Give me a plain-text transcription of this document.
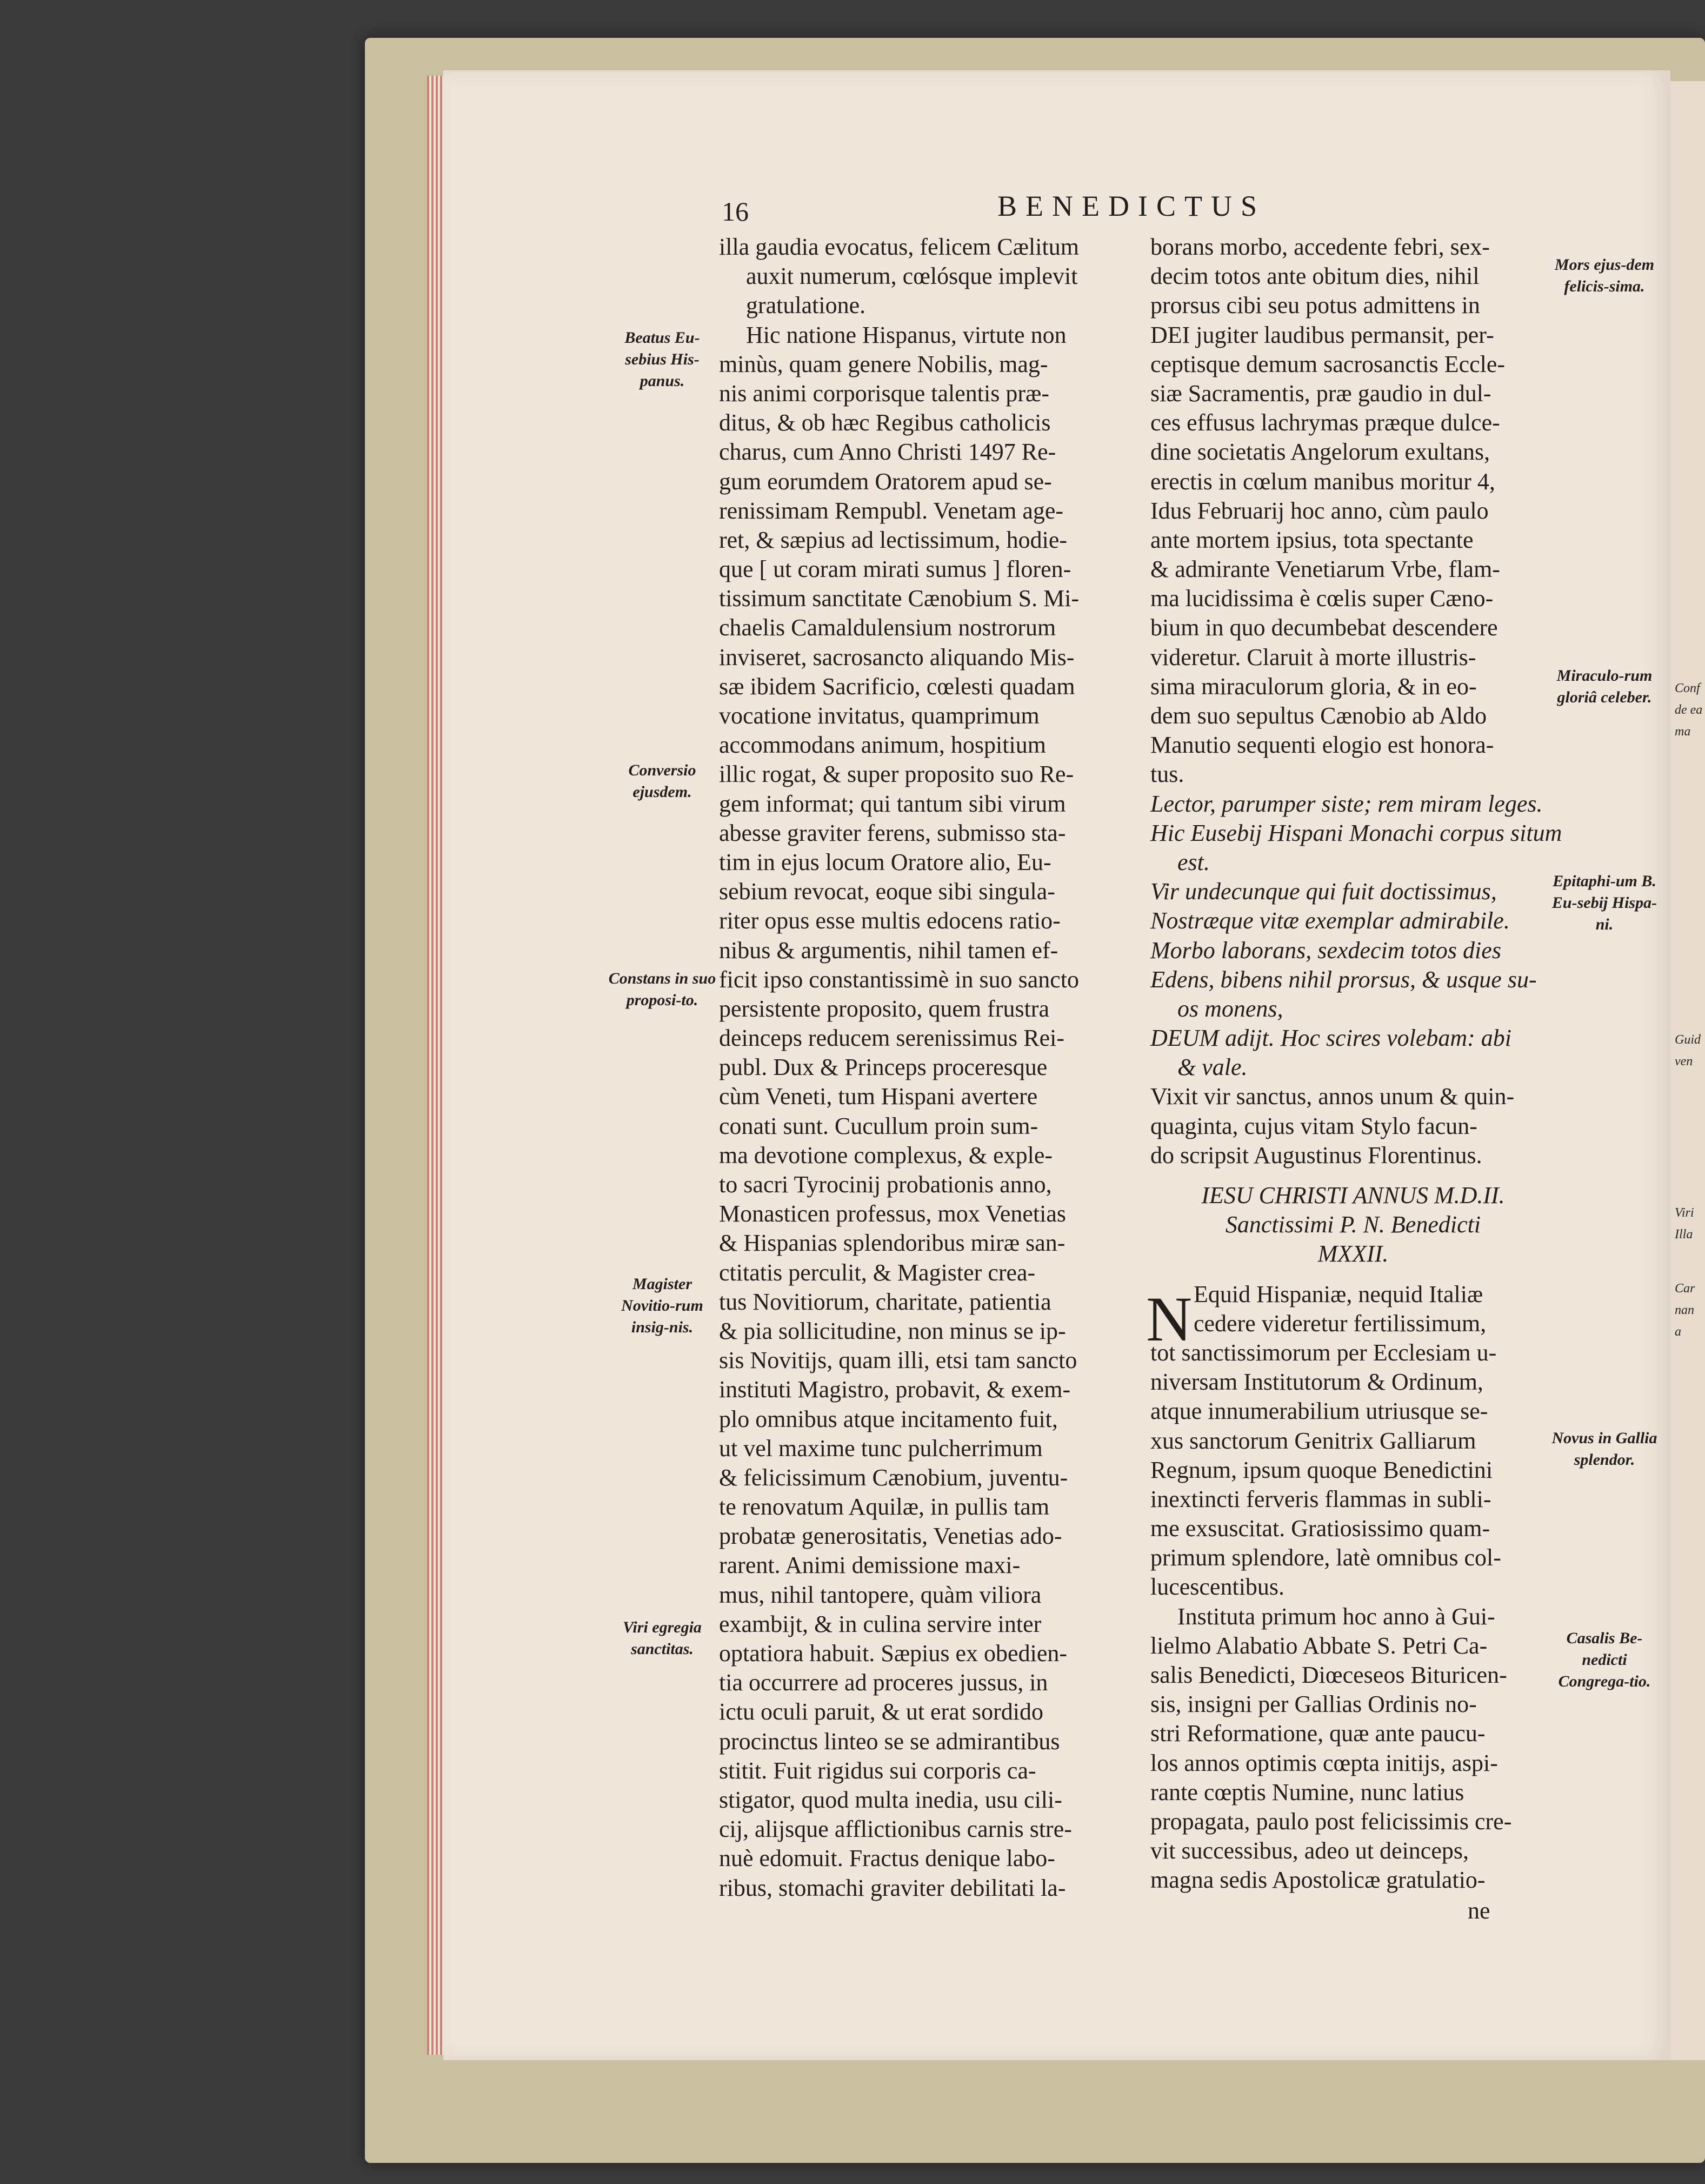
Conf
de ea
ma
Guid
ven
Viri
Illa
Car
nan
a
16	BENEDICTUS
Beatus Eu-sebius His-panus.
Conversio ejusdem.
Constans in suo proposi-to.
Magister Novitio-rum insig-nis.
Viri egregia sanctitas.
Mors ejus-dem felicis-sima.
Miraculo-rum gloriâ celeber.
Epitaphi-um B. Eu-sebij Hispa-ni.
Novus in Gallia splendor.
Casalis Be-nedicti Congrega-tio.
illa gaudia evocatus, felicem Cælitum
auxit numerum, cœlósque implevit
gratulatione.
Hic natione Hispanus, virtute non
minùs, quam genere Nobilis, mag-
nis animi corporisque talentis præ-
ditus, & ob hæc Regibus catholicis
charus, cum Anno Christi 1497 Re-
gum eorumdem Oratorem apud se-
renissimam Rempubl. Venetam age-
ret, & sæpius ad lectissimum, hodie-
que [ ut coram mirati sumus ] floren-
tissimum sanctitate Cænobium S. Mi-
chaelis Camaldulensium nostrorum
inviseret, sacrosancto aliquando Mis-
sæ ibidem Sacrificio, cœlesti quadam
vocatione invitatus, quamprimum
accommodans animum, hospitium
illic rogat, & super proposito suo Re-
gem informat; qui tantum sibi virum
abesse graviter ferens, submisso sta-
tim in ejus locum Oratore alio, Eu-
sebium revocat, eoque sibi singula-
riter opus esse multis edocens ratio-
nibus & argumentis, nihil tamen ef-
ficit ipso constantissimè in suo sancto
persistente proposito, quem frustra
deinceps reducem serenissimus Rei-
publ. Dux & Princeps proceresque
cùm Veneti, tum Hispani avertere
conati sunt. Cucullum proin sum-
ma devotione complexus, & exple-
to sacri Tyrocinij probationis anno,
Monasticen professus, mox Venetias
& Hispanias splendoribus miræ san-
ctitatis perculit, & Magister crea-
tus Novitiorum, charitate, patientia
& pia sollicitudine, non minus se ip-
sis Novitijs, quam illi, etsi tam sancto
instituti Magistro, probavit, & exem-
plo omnibus atque incitamento fuit,
ut vel maxime tunc pulcherrimum
& felicissimum Cænobium, juventu-
te renovatum Aquilæ, in pullis tam
probatæ generositatis, Venetias ado-
rarent. Animi demissione maxi-
mus, nihil tantopere, quàm viliora
exambijt, & in culina servire inter
optatiora habuit. Sæpius ex obedien-
tia occurrere ad proceres jussus, in
ictu oculi paruit, & ut erat sordido
procinctus linteo se se admirantibus
stitit. Fuit rigidus sui corporis ca-
stigator, quod multa inedia, usu cili-
cij, alijsque afflictionibus carnis stre-
nuè edomuit. Fractus denique labo-
ribus, stomachi graviter debilitati la-
borans morbo, accedente febri, sex-
decim totos ante obitum dies, nihil
prorsus cibi seu potus admittens in
DEI jugiter laudibus permansit, per-
ceptisque demum sacrosanctis Eccle-
siæ Sacramentis, præ gaudio in dul-
ces effusus lachrymas præque dulce-
dine societatis Angelorum exultans,
erectis in cœlum manibus moritur 4,
Idus Februarij hoc anno, cùm paulo
ante mortem ipsius, tota spectante
& admirante Venetiarum Vrbe, flam-
ma lucidissima è cœlis super Cæno-
bium in quo decumbebat descendere
videretur. Claruit à morte illustris-
sima miraculorum gloria, & in eo-
dem suo sepultus Cænobio ab Aldo
Manutio sequenti elogio est honora-
tus.
Lector, parumper siste; rem miram leges.
Hic Eusebij Hispani Monachi corpus situm
est.
Vir undecunque qui fuit doctissimus,
Nostræque vitæ exemplar admirabile.
Morbo laborans, sexdecim totos dies
Edens, bibens nihil prorsus, & usque su-
os monens,
DEUM adijt. Hoc scires volebam: abi
& vale.
Vixit vir sanctus, annos unum & quin-
quaginta, cujus vitam Stylo facun-
do scripsit Augustinus Florentinus.
IESU CHRISTI ANNUS M.D.II.
Sanctissimi P. N. Benedicti
MXXII.
Equid Hispaniæ, nequid Italiæ
cedere videretur fertilissimum,
tot sanctissimorum per Ecclesiam u-
niversam Institutorum & Ordinum,
atque innumerabilium utriusque se-
xus sanctorum Genitrix Galliarum
Regnum, ipsum quoque Benedictini
inextincti ferveris flammas in subli-
me exsuscitat. Gratiosissimo quam-
primum splendore, latè omnibus col-
lucescentibus.
Instituta primum hoc anno à Gui-
lielmo Alabatio Abbate S. Petri Ca-
salis Benedicti, Diœceseos Bituricen-
sis, insigni per Gallias Ordinis no-
stri Reformatione, quæ ante paucu-
los annos optimis cœpta initijs, aspi-
rante cœptis Numine, nunc latius
propagata, paulo post felicissimis cre-
vit successibus, adeo ut deinceps,
magna sedis Apostolicæ gratulatio-
N
ne
